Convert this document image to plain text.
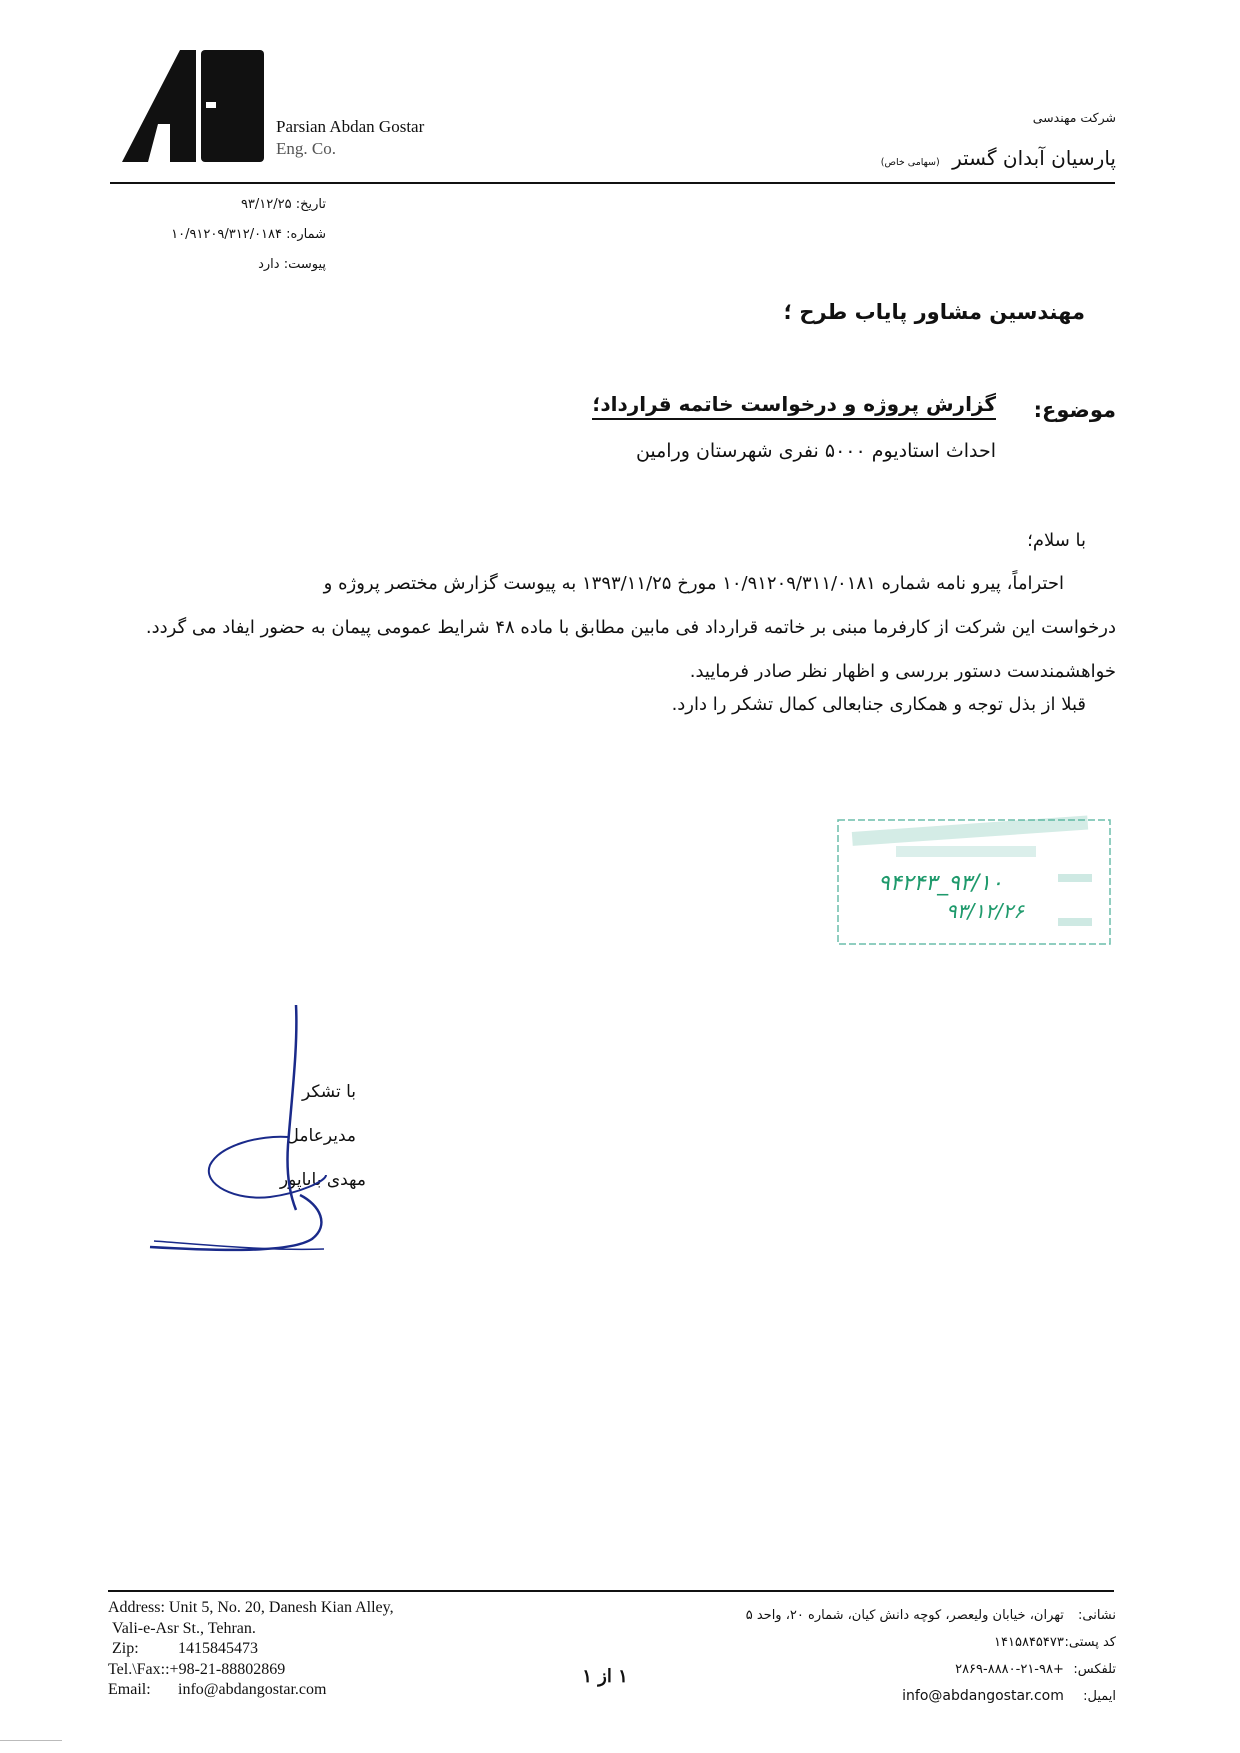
Parsian Abdan Gostar
Eng. Co.
شرکت مهندسی
پارسیان آبدان گستر (سهامی خاص)
تاریخ: ۹۳/۱۲/۲۵
شماره: ۱۰/۹۱۲۰۹/۳۱۲/۰۱۸۴
پیوست: دارد
مهندسین مشاور پایاب طرح ؛
موضوع:
گزارش پروژه و درخواست خاتمه قرارداد؛
احداث استادیوم ۵۰۰۰ نفری شهرستان ورامین
با سلام؛
احتراماً، پیرو نامه شماره ۱۰/۹۱۲۰۹/۳۱۱/۰۱۸۱ مورخ ۱۳۹۳/۱۱/۲۵ به پیوست گزارش مختصر پروژه و
درخواست این شرکت از کارفرما مبنی بر خاتمه قرارداد فی مابین مطابق با ماده ۴۸ شرایط عمومی پیمان به حضور ایفاد می گردد. خواهشمندست دستور بررسی و اظهار نظر صادر فرمایید.
قبلا از بذل توجه و همکاری جنابعالی کمال تشکر را دارد.
۹۴۲۴۳_۹۳/۱۰
۹۳/۱۲/۲۶
با تشکر
مدیرعامل
مهدی باباپور
Address: Unit 5, No. 20, Danesh Kian Alley,
Vali-e-Asr St., Tehran.
Zip: 1415845473
Tel.\Fax::+98-21-88802869
Email: info@abdangostar.com
۱ از ۱
نشانی: تهران، خیابان ولیعصر، کوچه دانش کیان، شماره ۲۰، واحد ۵
کد پستی: ۱۴۱۵۸۴۵۴۷۳
تلفکس: ۲۸۶۹-۸۸۸۰-۲۱-۹۸+
ایمیل: info@abdangostar.com
